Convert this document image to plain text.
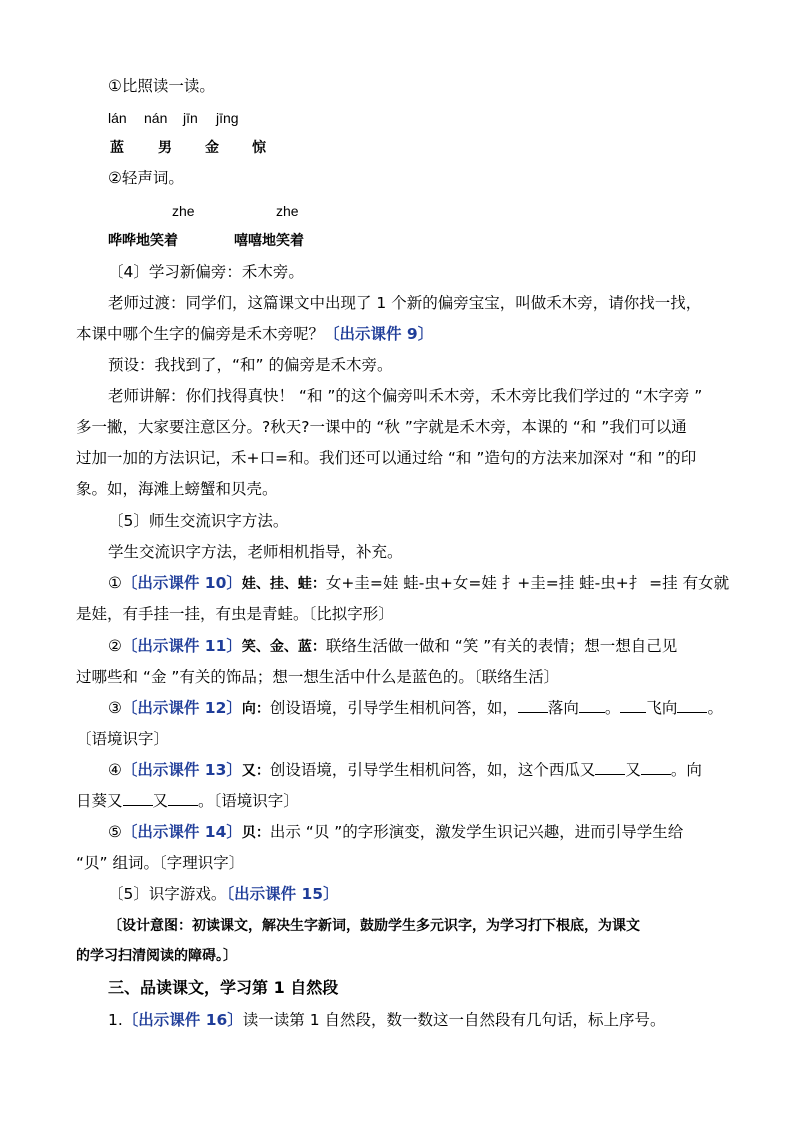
①比照读一读。
lán nán jīn jīng
蓝 男 金 惊
②轻声词。
zhe	zhe
哗哗地笑着	嘻嘻地笑着
〔4〕学习新偏旁：禾木旁。
老师过渡：同学们，这篇课文中出现了 1 个新的偏旁宝宝，叫做禾木旁，请你找一找，
本课中哪个生字的偏旁是禾木旁呢？〔出示课件 9〕
预设：我找到了，“和” 的偏旁是禾木旁。
老师讲解：你们找得真快！ “和 ”的这个偏旁叫禾木旁，禾木旁比我们学过的 “木字旁 ”
多一撇，大家要注意区分。?秋天?一课中的 “秋 ”字就是禾木旁，本课的 “和 ”我们可以通
过加一加的方法识记，禾+口=和。我们还可以通过给 “和 ”造句的方法来加深对 “和 ”的印
象。如，海滩上螃蟹和贝壳。
〔5〕师生交流识字方法。
学生交流识字方法，老师相机指导，补充。
①〔出示课件 10〕娃、挂、蛙：女+圭=娃 蛙-虫+女=娃 扌+圭=挂 蛙-虫+扌 =挂 有女就
是娃，有手挂一挂，有虫是青蛙。〔比拟字形〕
②〔出示课件 11〕笑、金、蓝：联络生活做一做和 “笑 ”有关的表情；想一想自己见
过哪些和 “金 ”有关的饰品；想一想生活中什么是蓝色的。〔联络生活〕
③〔出示课件 12〕向：创设语境，引导学生相机问答，如， 落向 。 飞向 。
〔语境识字〕
④〔出示课件 13〕又：创设语境，引导学生相机问答，如，这个西瓜又 又 。向
日葵又 又 。〔语境识字〕
⑤〔出示课件 14〕贝：出示 “贝 ”的字形演变，激发学生识记兴趣，进而引导学生给
“贝” 组词。〔字理识字〕
〔5〕识字游戏。〔出示课件 15〕
〔设计意图：初读课文，解决生字新词，鼓励学生多元识字，为学习打下根底，为课文
的学习扫清阅读的障碍。〕
三、品读课文，学习第 1 自然段
1.〔出示课件 16〕读一读第 1 自然段，数一数这一自然段有几句话，标上序号。
